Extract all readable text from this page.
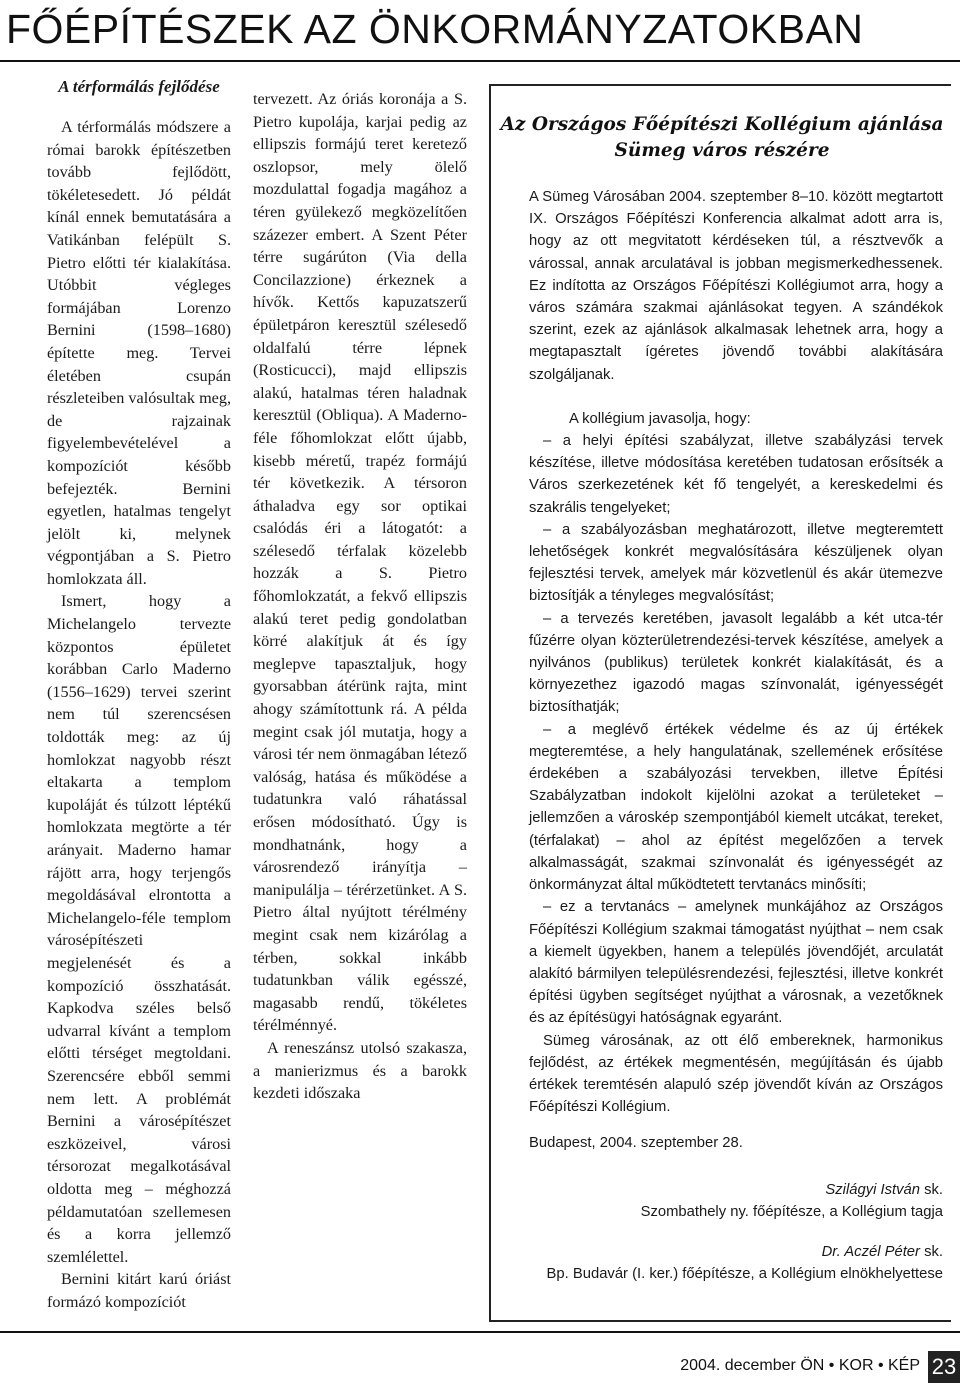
FŐÉPÍTÉSZEK AZ ÖNKORMÁNYZATOKBAN
A térformálás fejlődése

A térformálás módszere a római barokk építészetben tovább fejlődött, tökéletesedett. Jó példát kínál ennek bemutatására a Vatikánban felépült S. Pietro előtti tér kialakítása. Utóbbit végleges formájában Lorenzo Bernini (1598–1680) építette meg. Tervei életében csupán részleteiben valósultak meg, de rajzainak figyelembevételével a kompozíciót később befejezték. Bernini egyetlen, hatalmas tengelyt jelölt ki, melynek végpontjában a S. Pietro homlokzata áll.

Ismert, hogy a Michelangelo tervezte központos épületet korábban Carlo Maderno (1556–1629) tervei szerint nem túl szerencsésen toldották meg: az új homlokzat nagyobb részt eltakarta a templom kupoláját és túlzott léptékű homlokzata megtörte a tér arányait. Maderno hamar rájött arra, hogy terjengős megoldásával elrontotta a Michelangelo-féle templom városépítészeti megjelenését és a kompozíció összhatását. Kapkodva széles belső udvarral kívánt a templom előtti térséget megtoldani. Szerencsére ebből semmi nem lett. A problémát Bernini a városépítészet eszközeivel, városi térsorozat megalkotásával oldotta meg – méghozzá példamutatóan szellemesen és a korra jellemző szemlélettel.

Bernini kitárt karú óriást formázó kompozíciót

tervezett. Az óriás koronája a S. Pietro kupolája, karjai pedig az ellipszis formájú teret keretező oszlopsor, mely ölelő mozdulattal fogadja magához a téren gyülekező megközelítően százezer embert. A Szent Péter térre sugárúton (Via della Concilazzione) érkeznek a hívők. Kettős kapuzatszerű épületpáron keresztül szélesedő oldalfalú térre lépnek (Rosticucci), majd ellipszis alakú, hatalmas téren haladnak keresztül (Obliqua). A Maderno-féle főhomlokzat előtt újabb, kisebb méretű, trapéz formájú tér következik. A térsoron áthaladva egy sor optikai csalódás éri a látogatót: a szélesedő térfalak közelebb hozzák a S. Pietro főhomlokzatát, a fekvő ellipszis alakú teret pedig gondolatban körré alakítjuk át és így meglepve tapasztaljuk, hogy gyorsabban átérünk rajta, mint ahogy számítottunk rá. A példa megint csak jól mutatja, hogy a városi tér nem önmagában létező valóság, hatása és működése a tudatunkra való ráhatással erősen módosítható. Úgy is mondhatnánk, hogy a városrendező irányítja – manipulálja – térérzetünket. A S. Pietro által nyújtott térélmény megint csak nem kizárólag a térben, sokkal inkább tudatunkban válik egésszé, magasabb rendű, tökéletes térélménnyé.

A reneszánsz utolsó szakasza, a manierizmus és a barokk kezdeti időszaka

Az Országos Főépítészi Kollégium ajánlása Sümeg város részére

A Sümeg Városában 2004. szeptember 8–10. között megtartott IX. Országos Főépítészi Konferencia alkalmat adott arra is, hogy az ott megvitatott kérdéseken túl, a résztvevők a várossal, annak arculatával is jobban megismerkedhessenek. Ez indította az Országos Főépítészi Kollégiumot arra, hogy a város számára szakmai ajánlásokat tegyen. A szándékok szerint, ezek az ajánlások alkalmasak lehetnek arra, hogy a megtapasztalt ígéretes jövendő további alakítására szolgáljanak.

A kollégium javasolja, hogy:

– a helyi építési szabályzat, illetve szabályzási tervek készítése, illetve módosítása keretében tudatosan erősítsék a Város szerkezetének két fő tengelyét, a kereskedelmi és szakrális tengelyeket;

– a szabályozásban meghatározott, illetve megteremtett lehetőségek konkrét megvalósítására készüljenek olyan fejlesztési tervek, amelyek már közvetlenül és akár ütemezve biztosítják a tényleges megvalósítást;

– a tervezés keretében, javasolt legalább a két utca-tér fűzérre olyan közterületrendezési-tervek készítése, amelyek a nyilvános (publikus) területek konkrét kialakítását, és a környezethez igazodó magas színvonalát, igényességét biztosíthatják;

– a meglévő értékek védelme és az új értékek megteremtése, a hely hangulatának, szellemének erősítése érdekében a szabályozási tervekben, illetve Építési Szabályzatban indokolt kijelölni azokat a területeket – jellemzően a városkép szempontjából kiemelt utcákat, tereket, (térfalakat) – ahol az építést megelőzően a tervek alkalmasságát, szakmai színvonalát és igényességét az önkormányzat által működtetett tervtanács minősíti;

– ez a tervtanács – amelynek munkájához az Országos Főépítészi Kollégium szakmai támogatást nyújthat – nem csak a kiemelt ügyekben, hanem a település jövendőjét, arculatát alakító bármilyen településrendezési, fejlesztési, illetve konkrét építési ügyben segítséget nyújthat a városnak, a vezetőknek és az építésügyi hatóságnak egyaránt.

Sümeg városának, az ott élő embereknek, harmonikus fejlődést, az értékek megmentésén, megújításán és újabb értékek teremtésén alapuló szép jövendőt kíván az Országos Főépítészi Kollégium.

Budapest, 2004. szeptember 28.

Szilágyi István sk.
Szombathely ny. főépítésze, a Kollégium tagja
Dr. Aczél Péter sk.
Bp. Budavár (I. ker.) főépítésze, a Kollégium elnökhelyettese
2004. december ÖN • KOR • KÉP 23
